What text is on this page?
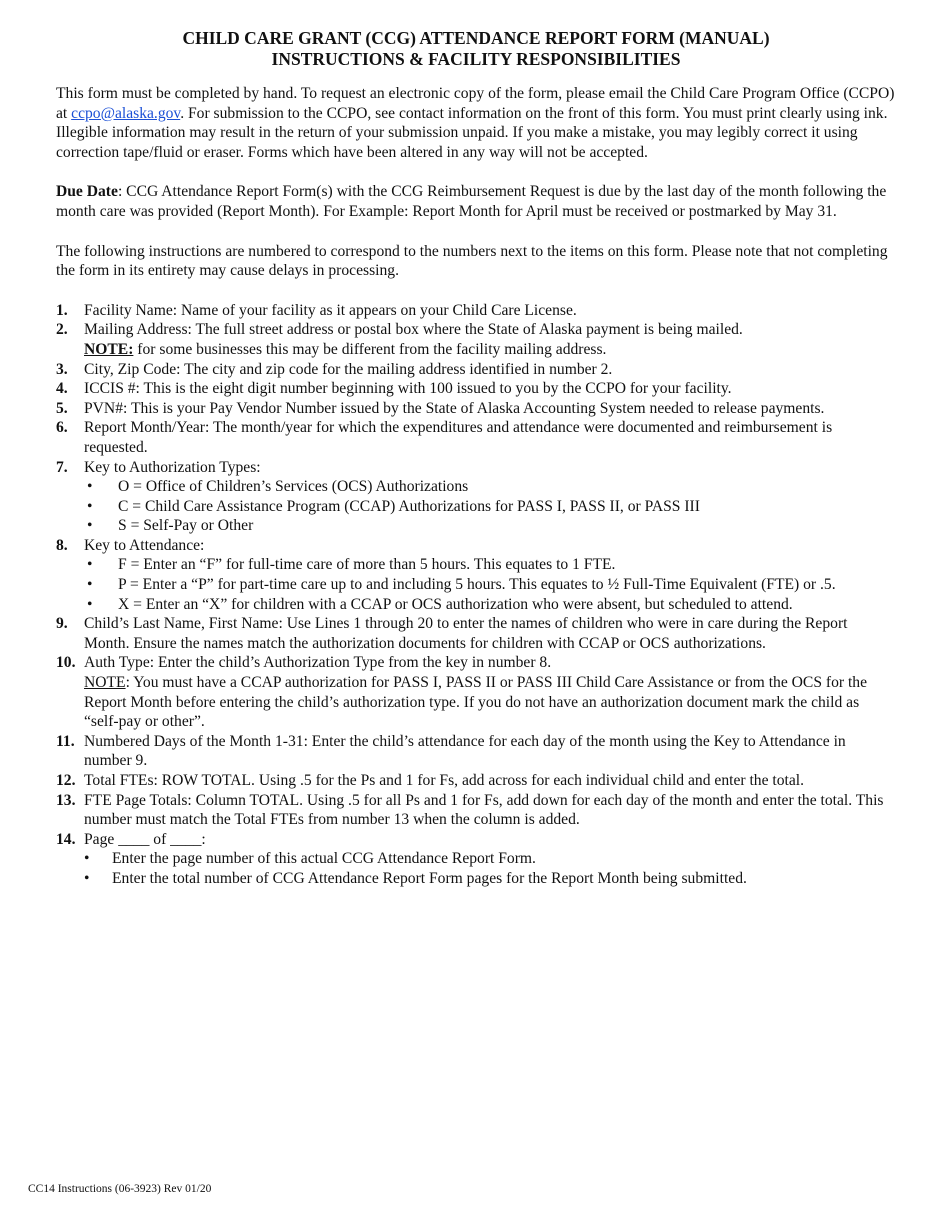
CHILD CARE GRANT (CCG) ATTENDANCE REPORT FORM (MANUAL)
INSTRUCTIONS & FACILITY RESPONSIBILITIES

This form must be completed by hand. To request an electronic copy of the form, please email the Child Care Program Office (CCPO) at ccpo@alaska.gov. For submission to the CCPO, see contact information on the front of this form. You must print clearly using ink. Illegible information may result in the return of your submission unpaid. If you make a mistake, you may legibly correct it using correction tape/fluid or eraser. Forms which have been altered in any way will not be accepted.

Due Date: CCG Attendance Report Form(s) with the CCG Reimbursement Request is due by the last day of the month following the month care was provided (Report Month). For Example: Report Month for April must be received or postmarked by May 31.

The following instructions are numbered to correspond to the numbers next to the items on this form. Please note that not completing the form in its entirety may cause delays in processing.

1. Facility Name: Name of your facility as it appears on your Child Care License.
2. Mailing Address: The full street address or postal box where the State of Alaska payment is being mailed.
NOTE: for some businesses this may be different from the facility mailing address.
3. City, Zip Code: The city and zip code for the mailing address identified in number 2.
4. ICCIS #: This is the eight digit number beginning with 100 issued to you by the CCPO for your facility.
5. PVN#: This is your Pay Vendor Number issued by the State of Alaska Accounting System needed to release payments.
6. Report Month/Year: The month/year for which the expenditures and attendance were documented and reimbursement is requested.
7. Key to Authorization Types:
• O = Office of Children’s Services (OCS) Authorizations
• C = Child Care Assistance Program (CCAP) Authorizations for PASS I, PASS II, or PASS III
• S = Self-Pay or Other
8. Key to Attendance:
• F = Enter an “F” for full-time care of more than 5 hours. This equates to 1 FTE.
• P = Enter a “P” for part-time care up to and including 5 hours. This equates to ½ Full-Time Equivalent (FTE) or .5.
• X = Enter an “X” for children with a CCAP or OCS authorization who were absent, but scheduled to attend.
9. Child’s Last Name, First Name: Use Lines 1 through 20 to enter the names of children who were in care during the Report Month. Ensure the names match the authorization documents for children with CCAP or OCS authorizations.
10. Auth Type: Enter the child’s Authorization Type from the key in number 8.
NOTE: You must have a CCAP authorization for PASS I, PASS II or PASS III Child Care Assistance or from the OCS for the Report Month before entering the child’s authorization type. If you do not have an authorization document mark the child as “self-pay or other”.
11. Numbered Days of the Month 1-31: Enter the child’s attendance for each day of the month using the Key to Attendance in number 9.
12. Total FTEs: ROW TOTAL. Using .5 for the Ps and 1 for Fs, add across for each individual child and enter the total.
13. FTE Page Totals: Column TOTAL. Using .5 for all Ps and 1 for Fs, add down for each day of the month and enter the total. This number must match the Total FTEs from number 13 when the column is added.
14. Page ____ of ____:
• Enter the page number of this actual CCG Attendance Report Form.
• Enter the total number of CCG Attendance Report Form pages for the Report Month being submitted.
CC14 Instructions (06-3923) Rev 01/20
